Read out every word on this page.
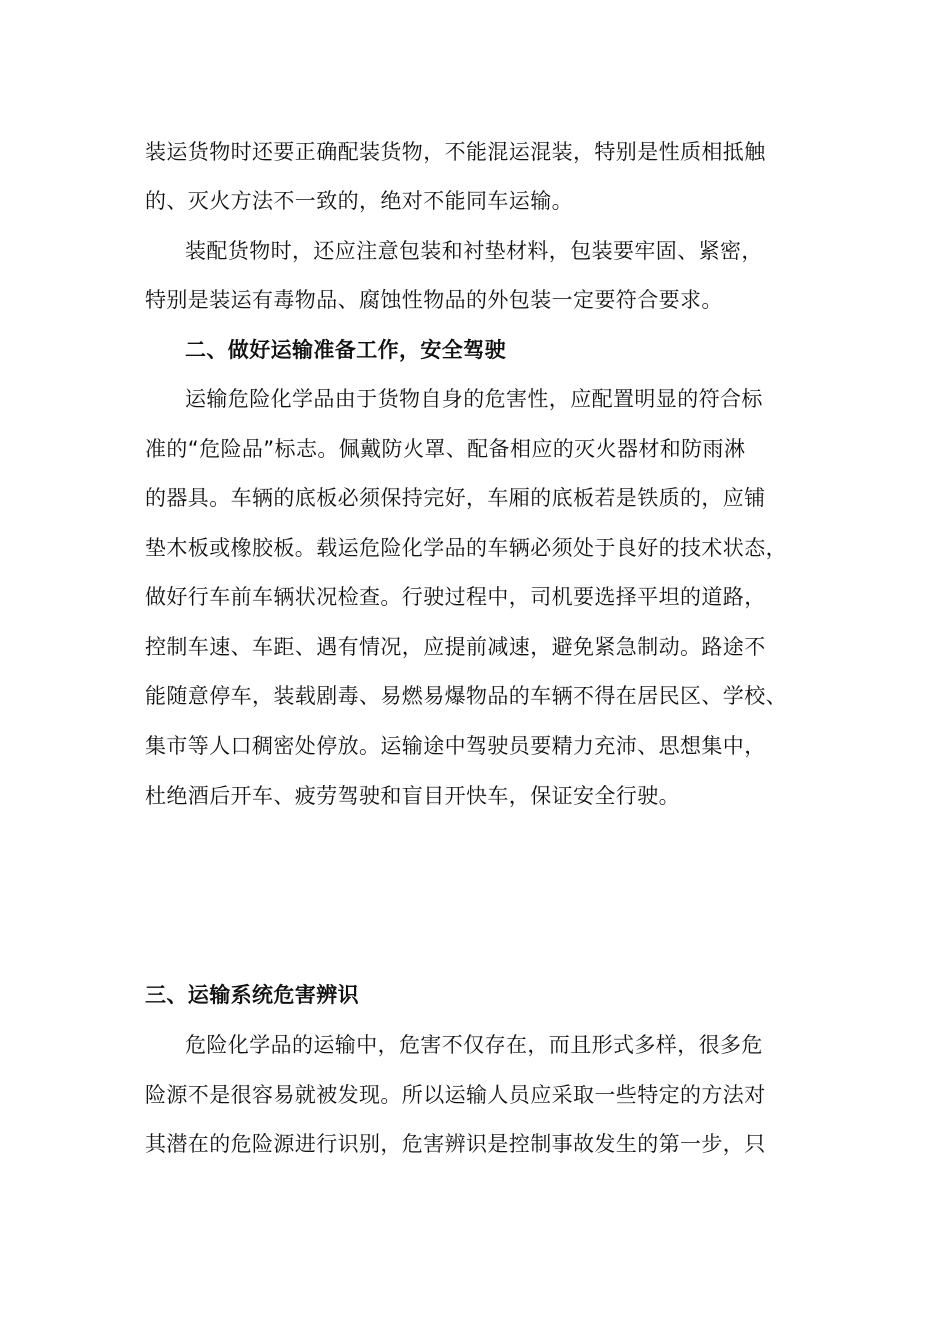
装运货物时还要正确配装货物，不能混运混装，特别是性质相抵触
的、灭火方法不一致的，绝对不能同车运输。
装配货物时，还应注意包装和衬垫材料，包装要牢固、紧密，
特别是装运有毒物品、腐蚀性物品的外包装一定要符合要求。
二、做好运输准备工作，安全驾驶
运输危险化学品由于货物自身的危害性，应配置明显的符合标
准的“危险品”标志。佩戴防火罩、配备相应的灭火器材和防雨淋
的器具。车辆的底板必须保持完好，车厢的底板若是铁质的，应铺
垫木板或橡胶板。载运危险化学品的车辆必须处于良好的技术状态，
做好行车前车辆状况检查。行驶过程中，司机要选择平坦的道路，
控制车速、车距、遇有情况，应提前减速，避免紧急制动。路途不
能随意停车，装载剧毒、易燃易爆物品的车辆不得在居民区、学校、
集市等人口稠密处停放。运输途中驾驶员要精力充沛、思想集中，
杜绝酒后开车、疲劳驾驶和盲目开快车，保证安全行驶。
三、运输系统危害辨识
危险化学品的运输中，危害不仅存在，而且形式多样，很多危
险源不是很容易就被发现。所以运输人员应采取一些特定的方法对
其潜在的危险源进行识别，危害辨识是控制事故发生的第一步，只
